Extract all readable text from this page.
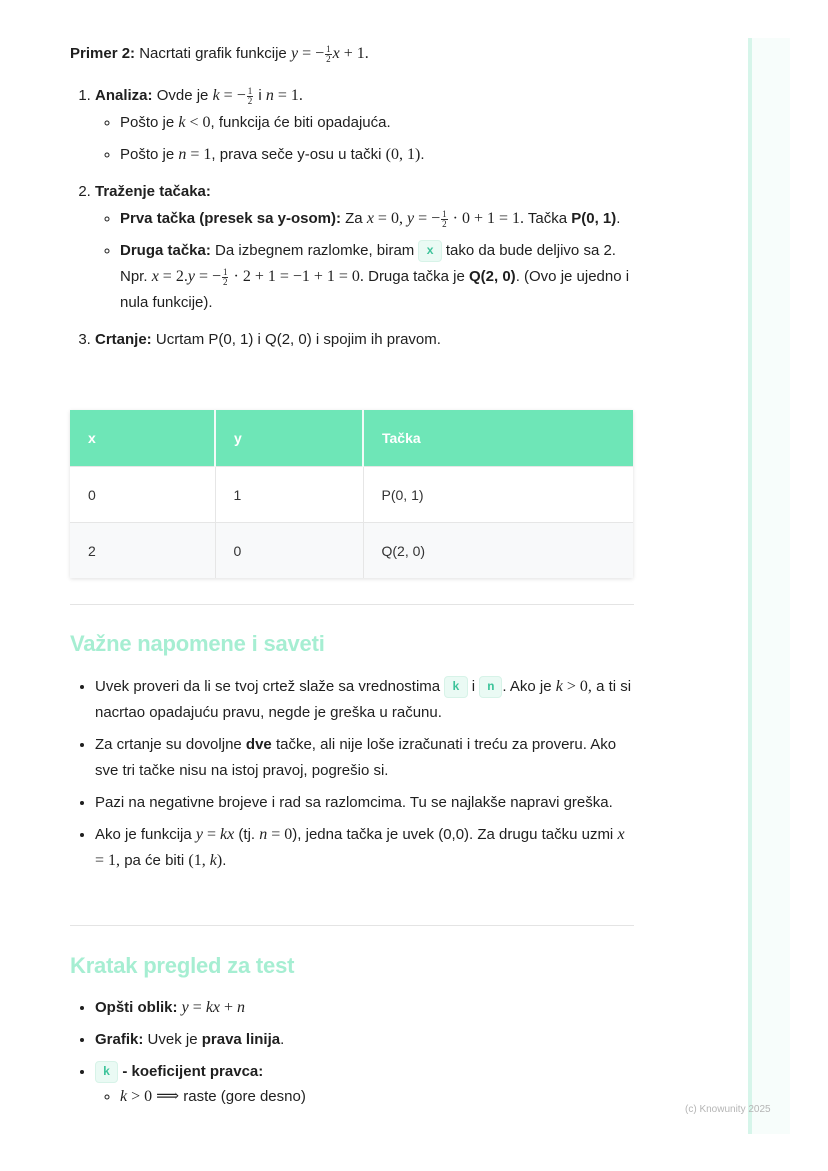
Primer 2: Nacrtati grafik funkcije y = − $\frac{1}{2}$ x + 1.

1. Analiza: Ovde je k = − $\frac{1}{2}$ i n = 1.
◦ Pošto je k < 0, funkcija će biti opadajuća.
◦ Pošto je n = 1, prava seče y-osu u tački (0, 1).
2. Traženje tačaka:
◦ Prva tačka (presek sa y-osom): Za x = 0, y = − $\frac{1}{2} \cdot 0 + 1 = 1$. Tačka P(0, 1).
◦ Druga tačka: Da izbegnem razlomke, biram x tako da bude deljivo sa 2. Npr. x = 2.y = − $\frac{1}{2} \cdot 2 + 1 = -1 + 1 = 0$. Druga tačka je Q(2, 0). (Ovo je ujedno i nula funkcije).
3. Crtanje: Ucrtam P(0, 1) i Q(2, 0) i spojim ih pravom.
x	y	Tačka
0	1	P(0, 1)
2	0	Q(2, 0)
Važne napomene i saveti
• Uvek proveri da li se tvoj crtež slaže sa vrednostima k i n . Ako je k > 0, a ti si nacrtao opadajuću pravu, negde je greška u računu.
• Za crtanje su dovoljne dve tačke, ali nije loše izračunati i treću za proveru. Ako sve tri tačke nisu na istoj pravoj, pogrešio si.
• Pazi na negativne brojeve i rad sa razlomcima. Tu se najlakše napravi greška.
• Ako je funkcija y = kx (tj. n = 0), jedna tačka je uvek (0,0). Za drugu tačku uzmi x = 1, pa će biti (1, k).
Kratak pregled za test
• Opšti oblik: y = kx + n
• Grafik: Uvek je prava linija.
• k - koeficijent pravca:
◦ k > 0 ⟹ raste (gore desno)
(c) Knowunity 2025
